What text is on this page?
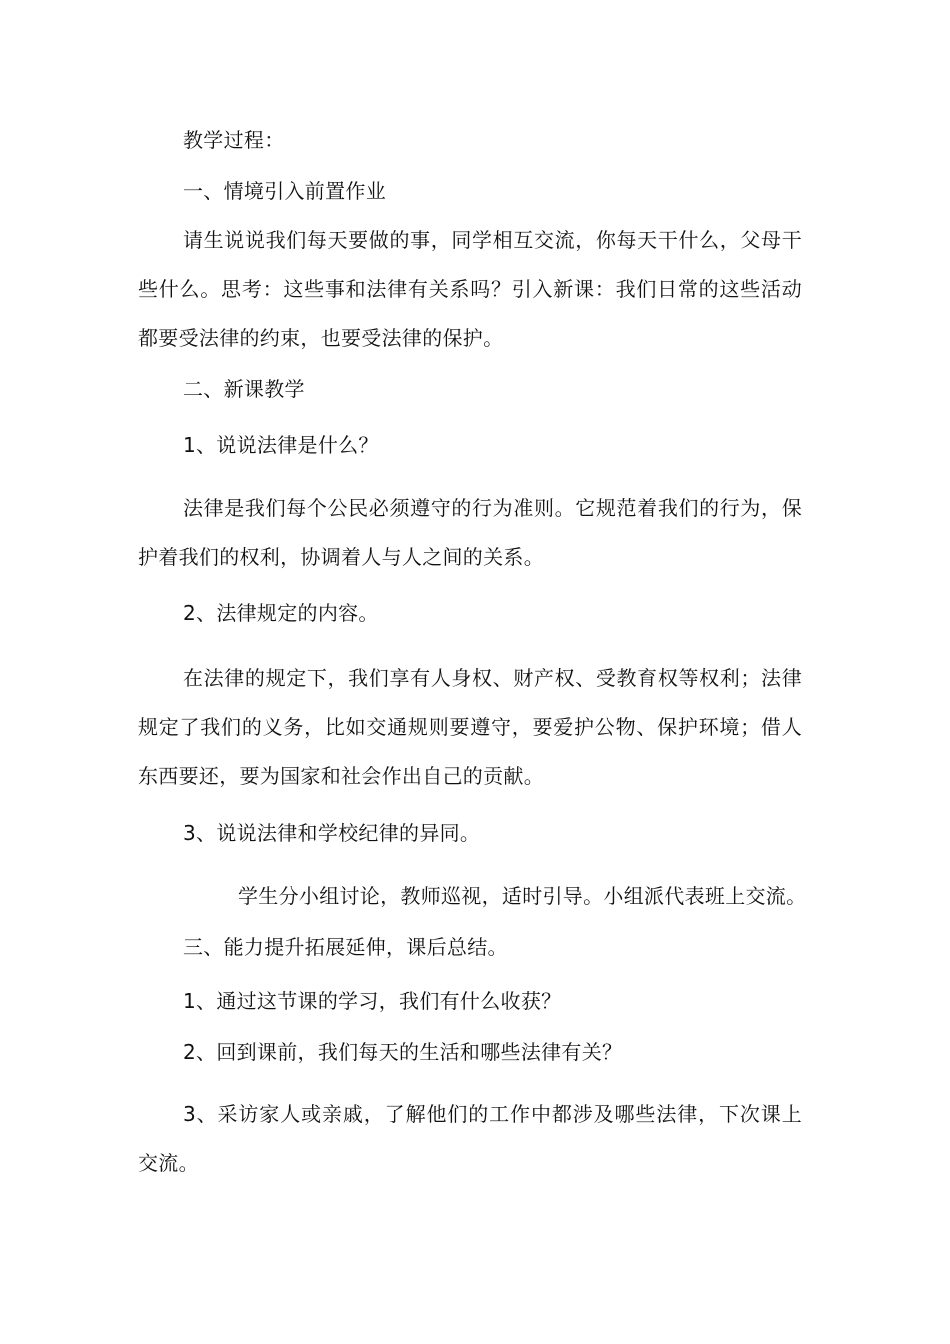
教学过程：
一、情境引入前置作业
请生说说我们每天要做的事，同学相互交流，你每天干什么，父母干些什么。思考：这些事和法律有关系吗？引入新课：我们日常的这些活动都要受法律的约束，也要受法律的保护。
二、新课教学
1、说说法律是什么？
法律是我们每个公民必须遵守的行为准则。它规范着我们的行为，保护着我们的权利，协调着人与人之间的关系。
2、法律规定的内容。
在法律的规定下，我们享有人身权、财产权、受教育权等权利；法律规定了我们的义务，比如交通规则要遵守，要爱护公物、保护环境；借人东西要还，要为国家和社会作出自己的贡献。
3、说说法律和学校纪律的异同。
学生分小组讨论，教师巡视，适时引导。小组派代表班上交流。
三、能力提升拓展延伸，课后总结。
1、通过这节课的学习，我们有什么收获？
2、回到课前，我们每天的生活和哪些法律有关？
3、采访家人或亲戚，了解他们的工作中都涉及哪些法律，下次课上交流。
